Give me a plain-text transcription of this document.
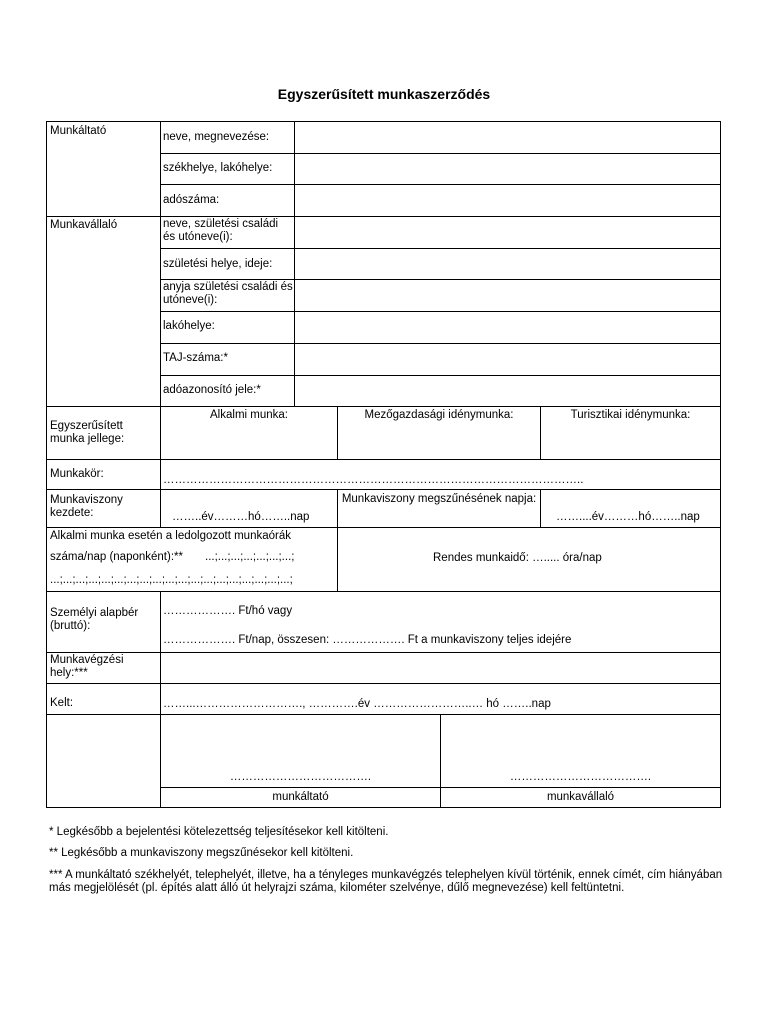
Egyszerűsített munkaszerződés
Munkáltató	neve, megnevezése:
székhelye, lakóhelye:
adószáma:
Munkavállaló	neve, születési családi és utóneve(i):
születési helye, ideje:
anyja születési családi és utóneve(i):
lakóhelye:
TAJ-száma:*
adóazonosító jele:*
Egyszerűsített munka jellege:
Alkalmi munka:	Mezőgazdasági idénymunka:	Turisztikai idénymunka:
Munkakör:	………………………………………………………………………………………………..
Munkaviszony kezdete:	……..év………hó……..nap
Munkaviszony megszűnésének napja:
……....év………hó……..nap
Alkalmi munka esetén a ledolgozott munkaórák
száma/nap (naponként):** ...;...;...;...;...;...;...;
...;...;...;...;...;...;...;...;...;...;...;...;...;...;...;...;...;...;...;
Rendes munkaidő: …..... óra/nap
Személyi alapbér (bruttó):
………………. Ft/hó vagy
………………. Ft/nap, összesen: ………………. Ft a munkaviszony teljes idejére
Munkavégzési hely:***
Kelt:	……...………………………., ………….év ……………………..… hó ……..nap
……………………………….	……………………………….
munkáltató	munkavállaló
* Legkésőbb a bejelentési kötelezettség teljesítésekor kell kitölteni.
** Legkésőbb a munkaviszony megszűnésekor kell kitölteni.
*** A munkáltató székhelyét, telephelyét, illetve, ha a tényleges munkavégzés telephelyen kívül történik, ennek címét, cím hiányában más megjelölését (pl. építés alatt álló út helyrajzi száma, kilométer szelvénye, dűlő megnevezése) kell feltüntetni.
